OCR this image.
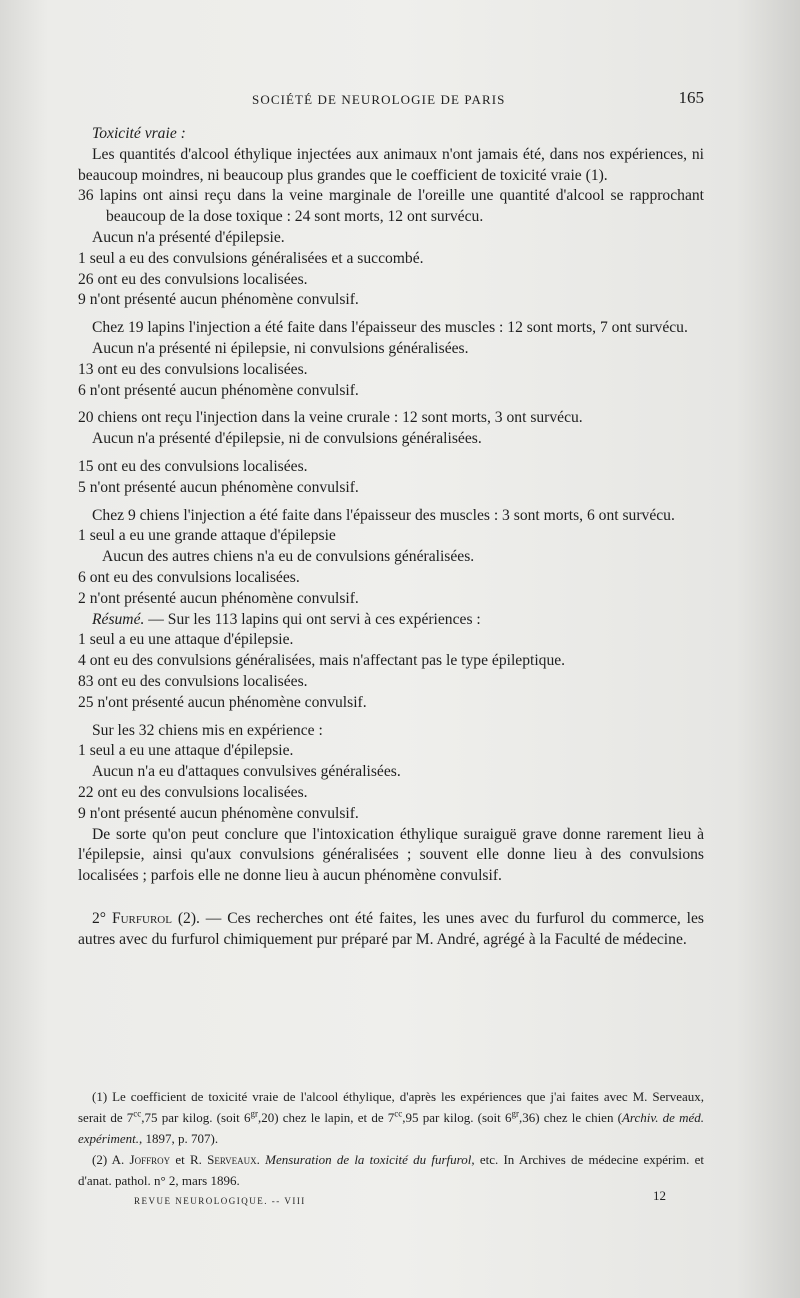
SOCIÉTÉ DE NEUROLOGIE DE PARIS	165

Toxicité vraie :

Les quantités d'alcool éthylique injectées aux animaux n'ont jamais été, dans nos expériences, ni beaucoup moindres, ni beaucoup plus grandes que le coefficient de toxicité vraie (1).

36 lapins ont ainsi reçu dans la veine marginale de l'oreille une quantité d'alcool se rapprochant beaucoup de la dose toxique : 24 sont morts, 12 ont survécu.

Aucun n'a présenté d'épilepsie.

1 seul a eu des convulsions généralisées et a succombé.

26 ont eu des convulsions localisées.

9 n'ont présenté aucun phénomène convulsif.

Chez 19 lapins l'injection a été faite dans l'épaisseur des muscles : 12 sont morts, 7 ont survécu.

Aucun n'a présenté ni épilepsie, ni convulsions généralisées.

13 ont eu des convulsions localisées.

6 n'ont présenté aucun phénomène convulsif.

20 chiens ont reçu l'injection dans la veine crurale : 12 sont morts, 3 ont survécu.

Aucun n'a présenté d'épilepsie, ni de convulsions généralisées.

15 ont eu des convulsions localisées.

5 n'ont présenté aucun phénomène convulsif.

Chez 9 chiens l'injection a été faite dans l'épaisseur des muscles : 3 sont morts, 6 ont survécu.

1 seul a eu une grande attaque d'épilepsie

Aucun des autres chiens n'a eu de convulsions généralisées.

6 ont eu des convulsions localisées.

2 n'ont présenté aucun phénomène convulsif.

Résumé. — Sur les 113 lapins qui ont servi à ces expériences :

1 seul a eu une attaque d'épilepsie.

4 ont eu des convulsions généralisées, mais n'affectant pas le type épileptique.

83 ont eu des convulsions localisées.

25 n'ont présenté aucun phénomène convulsif.

Sur les 32 chiens mis en expérience :

1 seul a eu une attaque d'épilepsie.

Aucun n'a eu d'attaques convulsives généralisées.

22 ont eu des convulsions localisées.

9 n'ont présenté aucun phénomène convulsif.

De sorte qu'on peut conclure que l'intoxication éthylique suraiguë grave donne rarement lieu à l'épilepsie, ainsi qu'aux convulsions généralisées ; souvent elle donne lieu à des convulsions localisées ; parfois elle ne donne lieu à aucun phénomène convulsif.

2° Furfurol (2). — Ces recherches ont été faites, les unes avec du furfurol du commerce, les autres avec du furfurol chimiquement pur préparé par M. André, agrégé à la Faculté de médecine.

(1) Le coefficient de toxicité vraie de l'alcool éthylique, d'après les expériences que j'ai faites avec M. Serveaux, serait de $7^{cc},75$ par kilog. (soit $6^{gr},20$) chez le lapin, et de $7^{cc},95$ par kilog. (soit $6^{gr},36$) chez le chien (Archiv. de méd. expériment., 1897, p. 707).

(2) A. Joffroy et R. Serveaux. Mensuration de la toxicité du furfurol, etc. In Archives de médecine expérim. et d'anat. pathol. n° 2, mars 1896.

REVUE NEUROLOGIQUE. -- VIII	12
